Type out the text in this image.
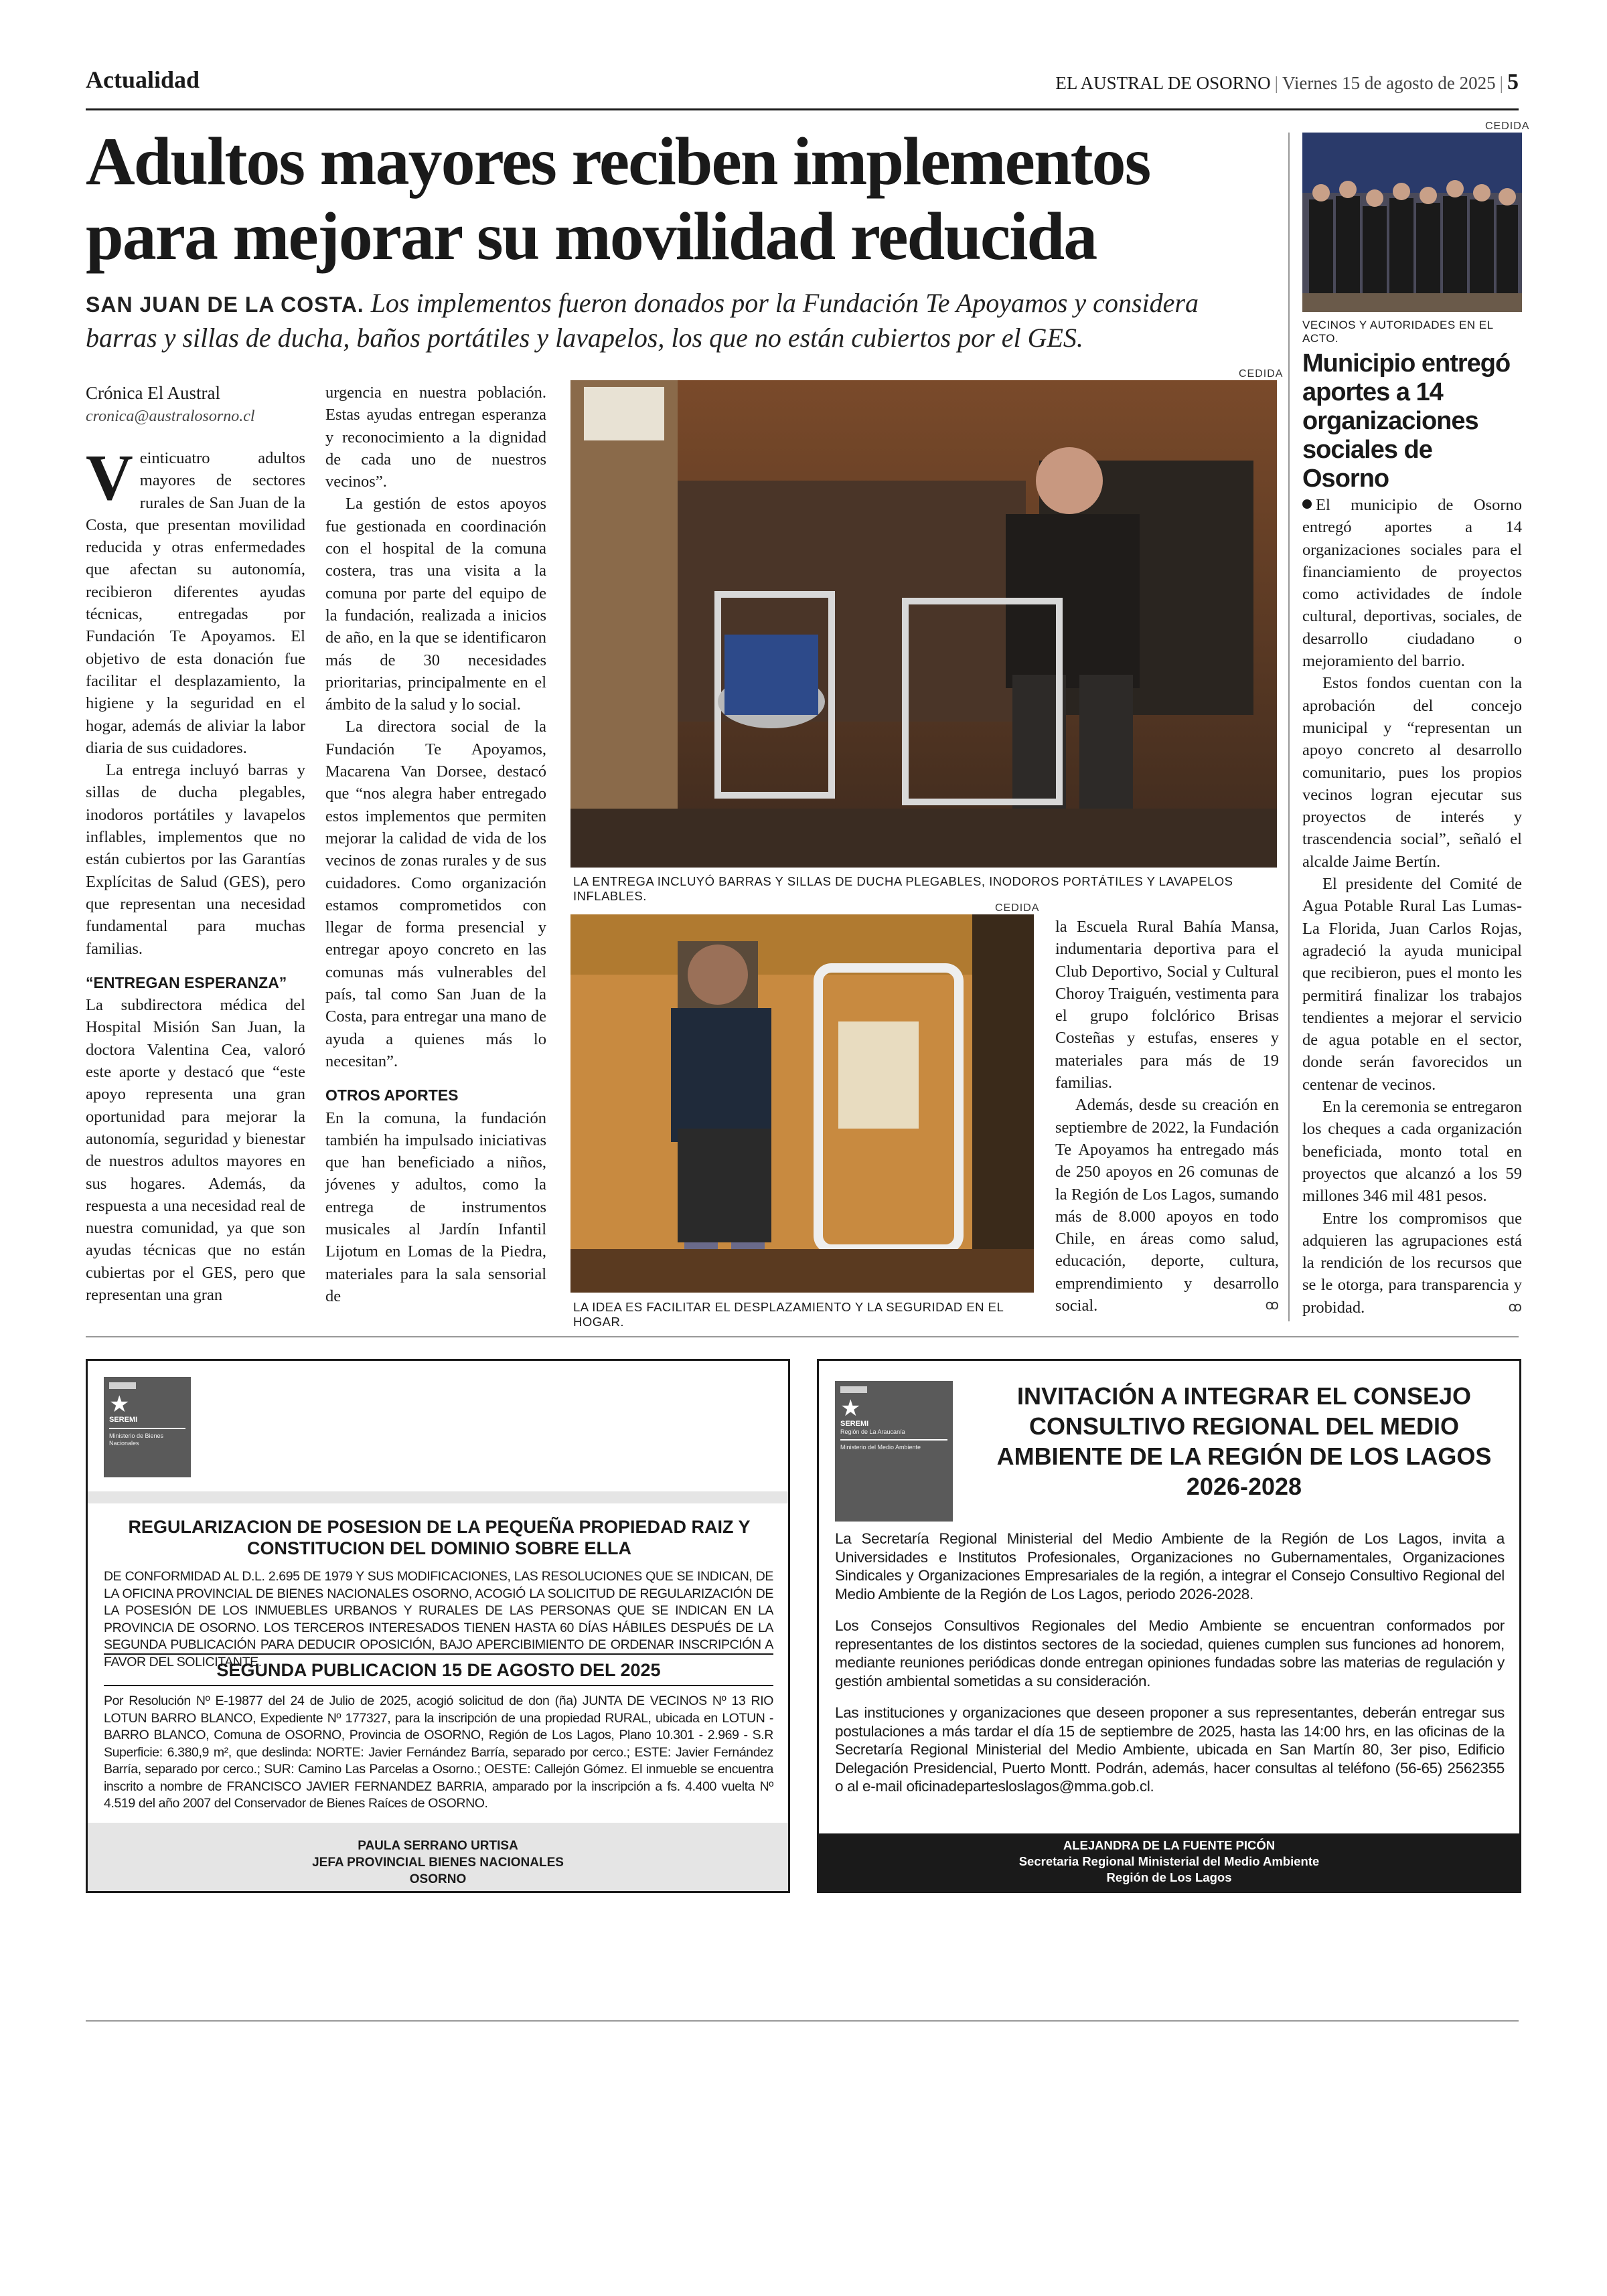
Actualidad	EL AUSTRAL DE OSORNO | Viernes 15 de agosto de 2025 | 5
Adultos mayores reciben implementos
para mejorar su movilidad reducida
SAN JUAN DE LA COSTA. Los implementos fueron donados por la Fundación Te Apoyamos y considera barras y sillas de ducha, baños portátiles y lavapelos, los que no están cubiertos por el GES.
Crónica El Austral
cronica@australosorno.cl

Veinticuatro adultos mayores de sectores rurales de San Juan de la Costa, que presentan movilidad reducida y otras enfermedades que afectan su autonomía, recibieron diferentes ayudas técnicas, entregadas por Fundación Te Apoyamos. El objetivo de esta donación fue facilitar el desplazamiento, la higiene y la seguridad en el hogar, además de aliviar la labor diaria de sus cuidadores.

La entrega incluyó barras y sillas de ducha plegables, inodoros portátiles y lavapelos inflables, implementos que no están cubiertos por las Garantías Explícitas de Salud (GES), pero que representan una necesidad fundamental para muchas familias.

“ENTREGAN ESPERANZA”

La subdirectora médica del Hospital Misión San Juan, la doctora Valentina Cea, valoró este aporte y destacó que “este apoyo representa una gran oportunidad para mejorar la autonomía, seguridad y bienestar de nuestros adultos mayores en sus hogares. Además, da respuesta a una necesidad real de nuestra comunidad, ya que son ayudas técnicas que no están cubiertas por el GES, pero que representan una gran

urgencia en nuestra población. Estas ayudas entregan esperanza y reconocimiento a la dignidad de cada uno de nuestros vecinos”.

La gestión de estos apoyos fue gestionada en coordinación con el hospital de la comuna costera, tras una visita a la comuna por parte del equipo de la fundación, realizada a inicios de año, en la que se identificaron más de 30 necesidades prioritarias, principalmente en el ámbito de la salud y lo social.

La directora social de la Fundación Te Apoyamos, Macarena Van Dorsee, destacó que “nos alegra haber entregado estos implementos que permiten mejorar la calidad de vida de los vecinos de zonas rurales y de sus cuidadores. Como organización estamos comprometidos con llegar de forma presencial y entregar apoyo concreto en las comunas más vulnerables del país, tal como San Juan de la Costa, para entregar una mano de ayuda a quienes más lo necesitan”.

OTROS APORTES

En la comuna, la fundación también ha impulsado iniciativas que han beneficiado a niños, jóvenes y adultos, como la entrega de instrumentos musicales al Jardín Infantil Lijotum en Lomas de la Piedra, materiales para la sala sensorial de

CEDIDA
LA ENTREGA INCLUYÓ BARRAS Y SILLAS DE DUCHA PLEGABLES, INODOROS PORTÁTILES Y LAVAPELOS INFLABLES.
CEDIDA
LA IDEA ES FACILITAR EL DESPLAZAMIENTO Y LA SEGURIDAD EN EL HOGAR.

la Escuela Rural Bahía Mansa, indumentaria deportiva para el Club Deportivo, Social y Cultural Choroy Traiguén, vestimenta para el grupo folclórico Brisas Costeñas y estufas, enseres y materiales para más de 19 familias.

Además, desde su creación en septiembre de 2022, la Fundación Te Apoyamos ha entregado más de 250 apoyos en 26 comunas de la Región de Los Lagos, sumando más de 8.000 apoyos en todo Chile, en áreas como salud, educación, deporte, cultura, emprendimiento y desarrollo social.	ꝏ

CEDIDA
VECINOS Y AUTORIDADES EN EL ACTO.
Municipio entregó aportes a 14 organizaciones sociales de Osorno

El municipio de Osorno entregó aportes a 14 organizaciones sociales para el financiamiento de proyectos como actividades de índole cultural, deportivas, sociales, de desarrollo ciudadano o mejoramiento del barrio.

Estos fondos cuentan con la aprobación del concejo municipal y “representan un apoyo concreto al desarrollo comunitario, pues los propios vecinos logran ejecutar sus proyectos de interés y trascendencia social”, señaló el alcalde Jaime Bertín.

El presidente del Comité de Agua Potable Rural Las Lumas-La Florida, Juan Carlos Rojas, agradeció la ayuda municipal que recibieron, pues el monto les permitirá finalizar los trabajos tendientes a mejorar el servicio de agua potable en el sector, donde serán favorecidos un centenar de vecinos.

En la ceremonia se entregaron los cheques a cada organización beneficiada, monto total en proyectos que alcanzó a los 59 millones 346 mil 481 pesos.

Entre los compromisos que adquieren las agrupaciones está la rendición de los recursos que se le otorga, para transparencia y probidad.	ꝏ

★
SEREMI
Ministerio de Bienes Nacionales
REGULARIZACION DE POSESION DE LA PEQUEÑA PROPIEDAD RAIZ Y CONSTITUCION DEL DOMINIO SOBRE ELLA
DE CONFORMIDAD AL D.L. 2.695 DE 1979 Y SUS MODIFICACIONES, LAS RESOLUCIONES QUE SE INDICAN, DE LA OFICINA PROVINCIAL DE BIENES NACIONALES OSORNO, ACOGIÓ LA SOLICITUD DE REGULARIZACIÓN DE LA POSESIÓN DE LOS INMUEBLES URBANOS Y RURALES DE LAS PERSONAS QUE SE INDICAN EN LA PROVINCIA DE OSORNO. LOS TERCEROS INTERESADOS TIENEN HASTA 60 DÍAS HÁBILES DESPUÉS DE LA SEGUNDA PUBLICACIÓN PARA DEDUCIR OPOSICIÓN, BAJO APERCIBIMIENTO DE ORDENAR INSCRIPCIÓN A FAVOR DEL SOLICITANTE.
SEGUNDA PUBLICACION 15 DE AGOSTO DEL 2025
Por Resolución Nº E-19877 del 24 de Julio de 2025, acogió solicitud de don (ña) JUNTA DE VECINOS Nº 13 RIO LOTUN BARRO BLANCO, Expediente Nº 177327, para la inscripción de una propiedad RURAL, ubicada en LOTUN - BARRO BLANCO, Comuna de OSORNO, Provincia de OSORNO, Región de Los Lagos, Plano 10.301 - 2.969 - S.R Superficie: 6.380,9 m², que deslinda: NORTE: Javier Fernández Barría, separado por cerco.; ESTE: Javier Fernández Barría, separado por cerco.; SUR: Camino Las Parcelas a Osorno.; OESTE: Callejón Gómez. El inmueble se encuentra inscrito a nombre de FRANCISCO JAVIER FERNANDEZ BARRIA, amparado por la inscripción a fs. 4.400 vuelta Nº 4.519 del año 2007 del Conservador de Bienes Raíces de OSORNO.
PAULA SERRANO URTISA
JEFA PROVINCIAL BIENES NACIONALES
OSORNO
★
SEREMI
Región de La Araucanía
Ministerio del Medio Ambiente
INVITACIÓN A INTEGRAR EL CONSEJO CONSULTIVO REGIONAL DEL MEDIO AMBIENTE DE LA REGIÓN DE LOS LAGOS 2026-2028

La Secretaría Regional Ministerial del Medio Ambiente de la Región de Los Lagos, invita a Universidades e Institutos Profesionales, Organizaciones no Gubernamentales, Organizaciones Sindicales y Organizaciones Empresariales de la región, a integrar el Consejo Consultivo Regional del Medio Ambiente de la Región de Los Lagos, periodo 2026-2028.

Los Consejos Consultivos Regionales del Medio Ambiente se encuentran conformados por representantes de los distintos sectores de la sociedad, quienes cumplen sus funciones ad honorem, mediante reuniones periódicas donde entregan opiniones fundadas sobre las materias de regulación y gestión ambiental sometidas a su consideración.

Las instituciones y organizaciones que deseen proponer a sus representantes, deberán entregar sus postulaciones a más tardar el día 15 de septiembre de 2025, hasta las 14:00 hrs, en las oficinas de la Secretaría Regional Ministerial del Medio Ambiente, ubicada en San Martín 80, 3er piso, Edificio Delegación Presidencial, Puerto Montt. Podrán, además, hacer consultas al teléfono (56-65) 2562355 o al e-mail oficinadepartesloslagos@mma.gob.cl.

ALEJANDRA DE LA FUENTE PICÓN
Secretaria Regional Ministerial del Medio Ambiente
Región de Los Lagos
